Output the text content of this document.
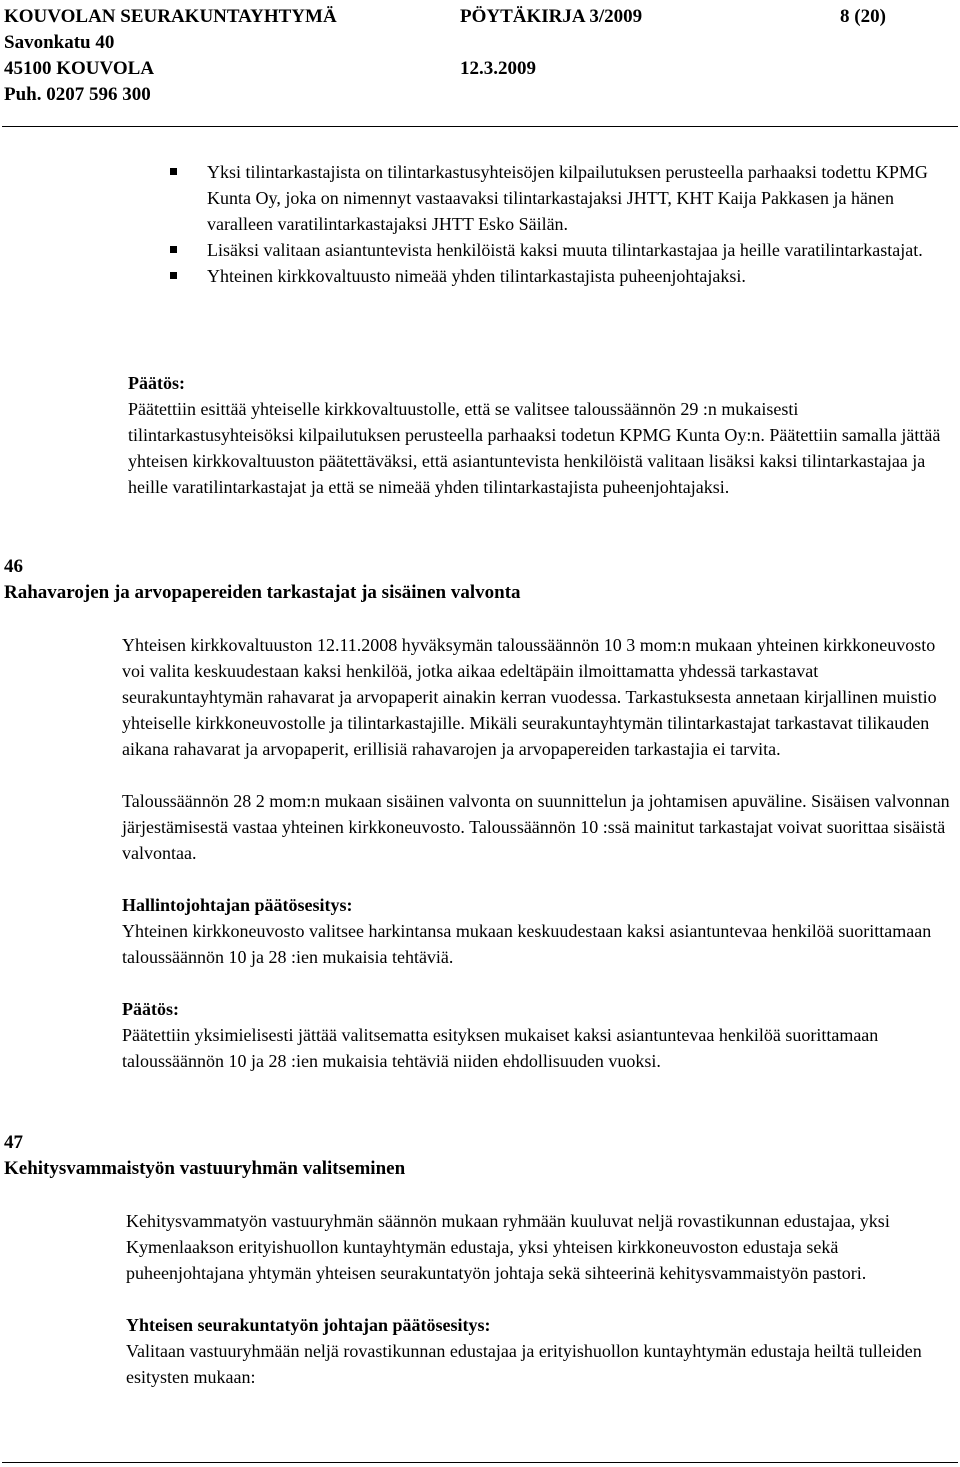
KOUVOLAN SEURAKUNTAYHTYMÄ
Savonkatu 40
45100 KOUVOLA
Puh. 0207 596 300
PÖYTÄKIRJA 3/2009
12.3.2009
8 (20)
Yksi tilintarkastajista on tilintarkastusyhteisöjen kilpailutuksen perusteella parhaaksi todettu KPMG Kunta Oy, joka on nimennyt vastaavaksi tilintarkastajaksi JHTT, KHT Kaija Pakkasen ja hänen varalleen varatilintarkastajaksi JHTT Esko Säilän.
Lisäksi valitaan asiantuntevista henkilöistä kaksi muuta tilintarkastajaa ja heille varatilintarkastajat.
Yhteinen kirkkovaltuusto nimeää yhden tilintarkastajista puheenjohtajaksi.

Päätös:

Päätettiin esittää yhteiselle kirkkovaltuustolle, että se valitsee taloussäännön 29 :n mukaisesti tilintarkastusyhteisöksi kilpailutuksen perusteella parhaaksi todetun KPMG Kunta Oy:n. Päätettiin samalla jättää yhteisen kirkkovaltuuston päätettäväksi, että asiantuntevista henkilöistä valitaan lisäksi kaksi tilintarkastajaa ja heille varatilintarkastajat ja että se nimeää yhden tilintarkastajista puheenjohtajaksi.

46
Rahavarojen ja arvopapereiden tarkastajat ja sisäinen valvonta

Yhteisen kirkkovaltuuston 12.11.2008 hyväksymän taloussäännön 10 3 mom:n mukaan yhteinen kirkkoneuvosto voi valita keskuudestaan kaksi henkilöä, jotka aikaa edeltäpäin ilmoittamatta yhdessä tarkastavat seurakuntayhtymän rahavarat ja arvopaperit ainakin kerran vuodessa. Tarkastuksesta annetaan kirjallinen muistio yhteiselle kirkkoneuvostolle ja tilintarkastajille. Mikäli seurakuntayhtymän tilintarkastajat tarkastavat tilikauden aikana rahavarat ja arvopaperit, erillisiä rahavarojen ja arvopapereiden tarkastajia ei tarvita.

Taloussäännön 28 2 mom:n mukaan sisäinen valvonta on suunnittelun ja johtamisen apuväline. Sisäisen valvonnan järjestämisestä vastaa yhteinen kirkkoneuvosto. Taloussäännön 10 :ssä mainitut tarkastajat voivat suorittaa sisäistä valvontaa.

Hallintojohtajan päätösesitys:

Yhteinen kirkkoneuvosto valitsee harkintansa mukaan keskuudestaan kaksi asiantuntevaa henkilöä suorittamaan taloussäännön 10 ja 28 :ien mukaisia tehtäviä.

Päätös:

Päätettiin yksimielisesti jättää valitsematta esityksen mukaiset kaksi asiantuntevaa henkilöä suorittamaan taloussäännön 10 ja 28 :ien mukaisia tehtäviä niiden ehdollisuuden vuoksi.

47
Kehitysvammaistyön vastuuryhmän valitseminen

Kehitysvammatyön vastuuryhmän säännön mukaan ryhmään kuuluvat neljä rovastikunnan edustajaa, yksi Kymenlaakson erityishuollon kuntayhtymän edustaja, yksi yhteisen kirkkoneuvoston edustaja sekä puheenjohtajana yhtymän yhteisen seurakuntatyön johtaja sekä sihteerinä kehitysvammaistyön pastori.

Yhteisen seurakuntatyön johtajan päätösesitys:

Valitaan vastuuryhmään neljä rovastikunnan edustajaa ja erityishuollon kuntayhtymän edustaja heiltä tulleiden esitysten mukaan:
